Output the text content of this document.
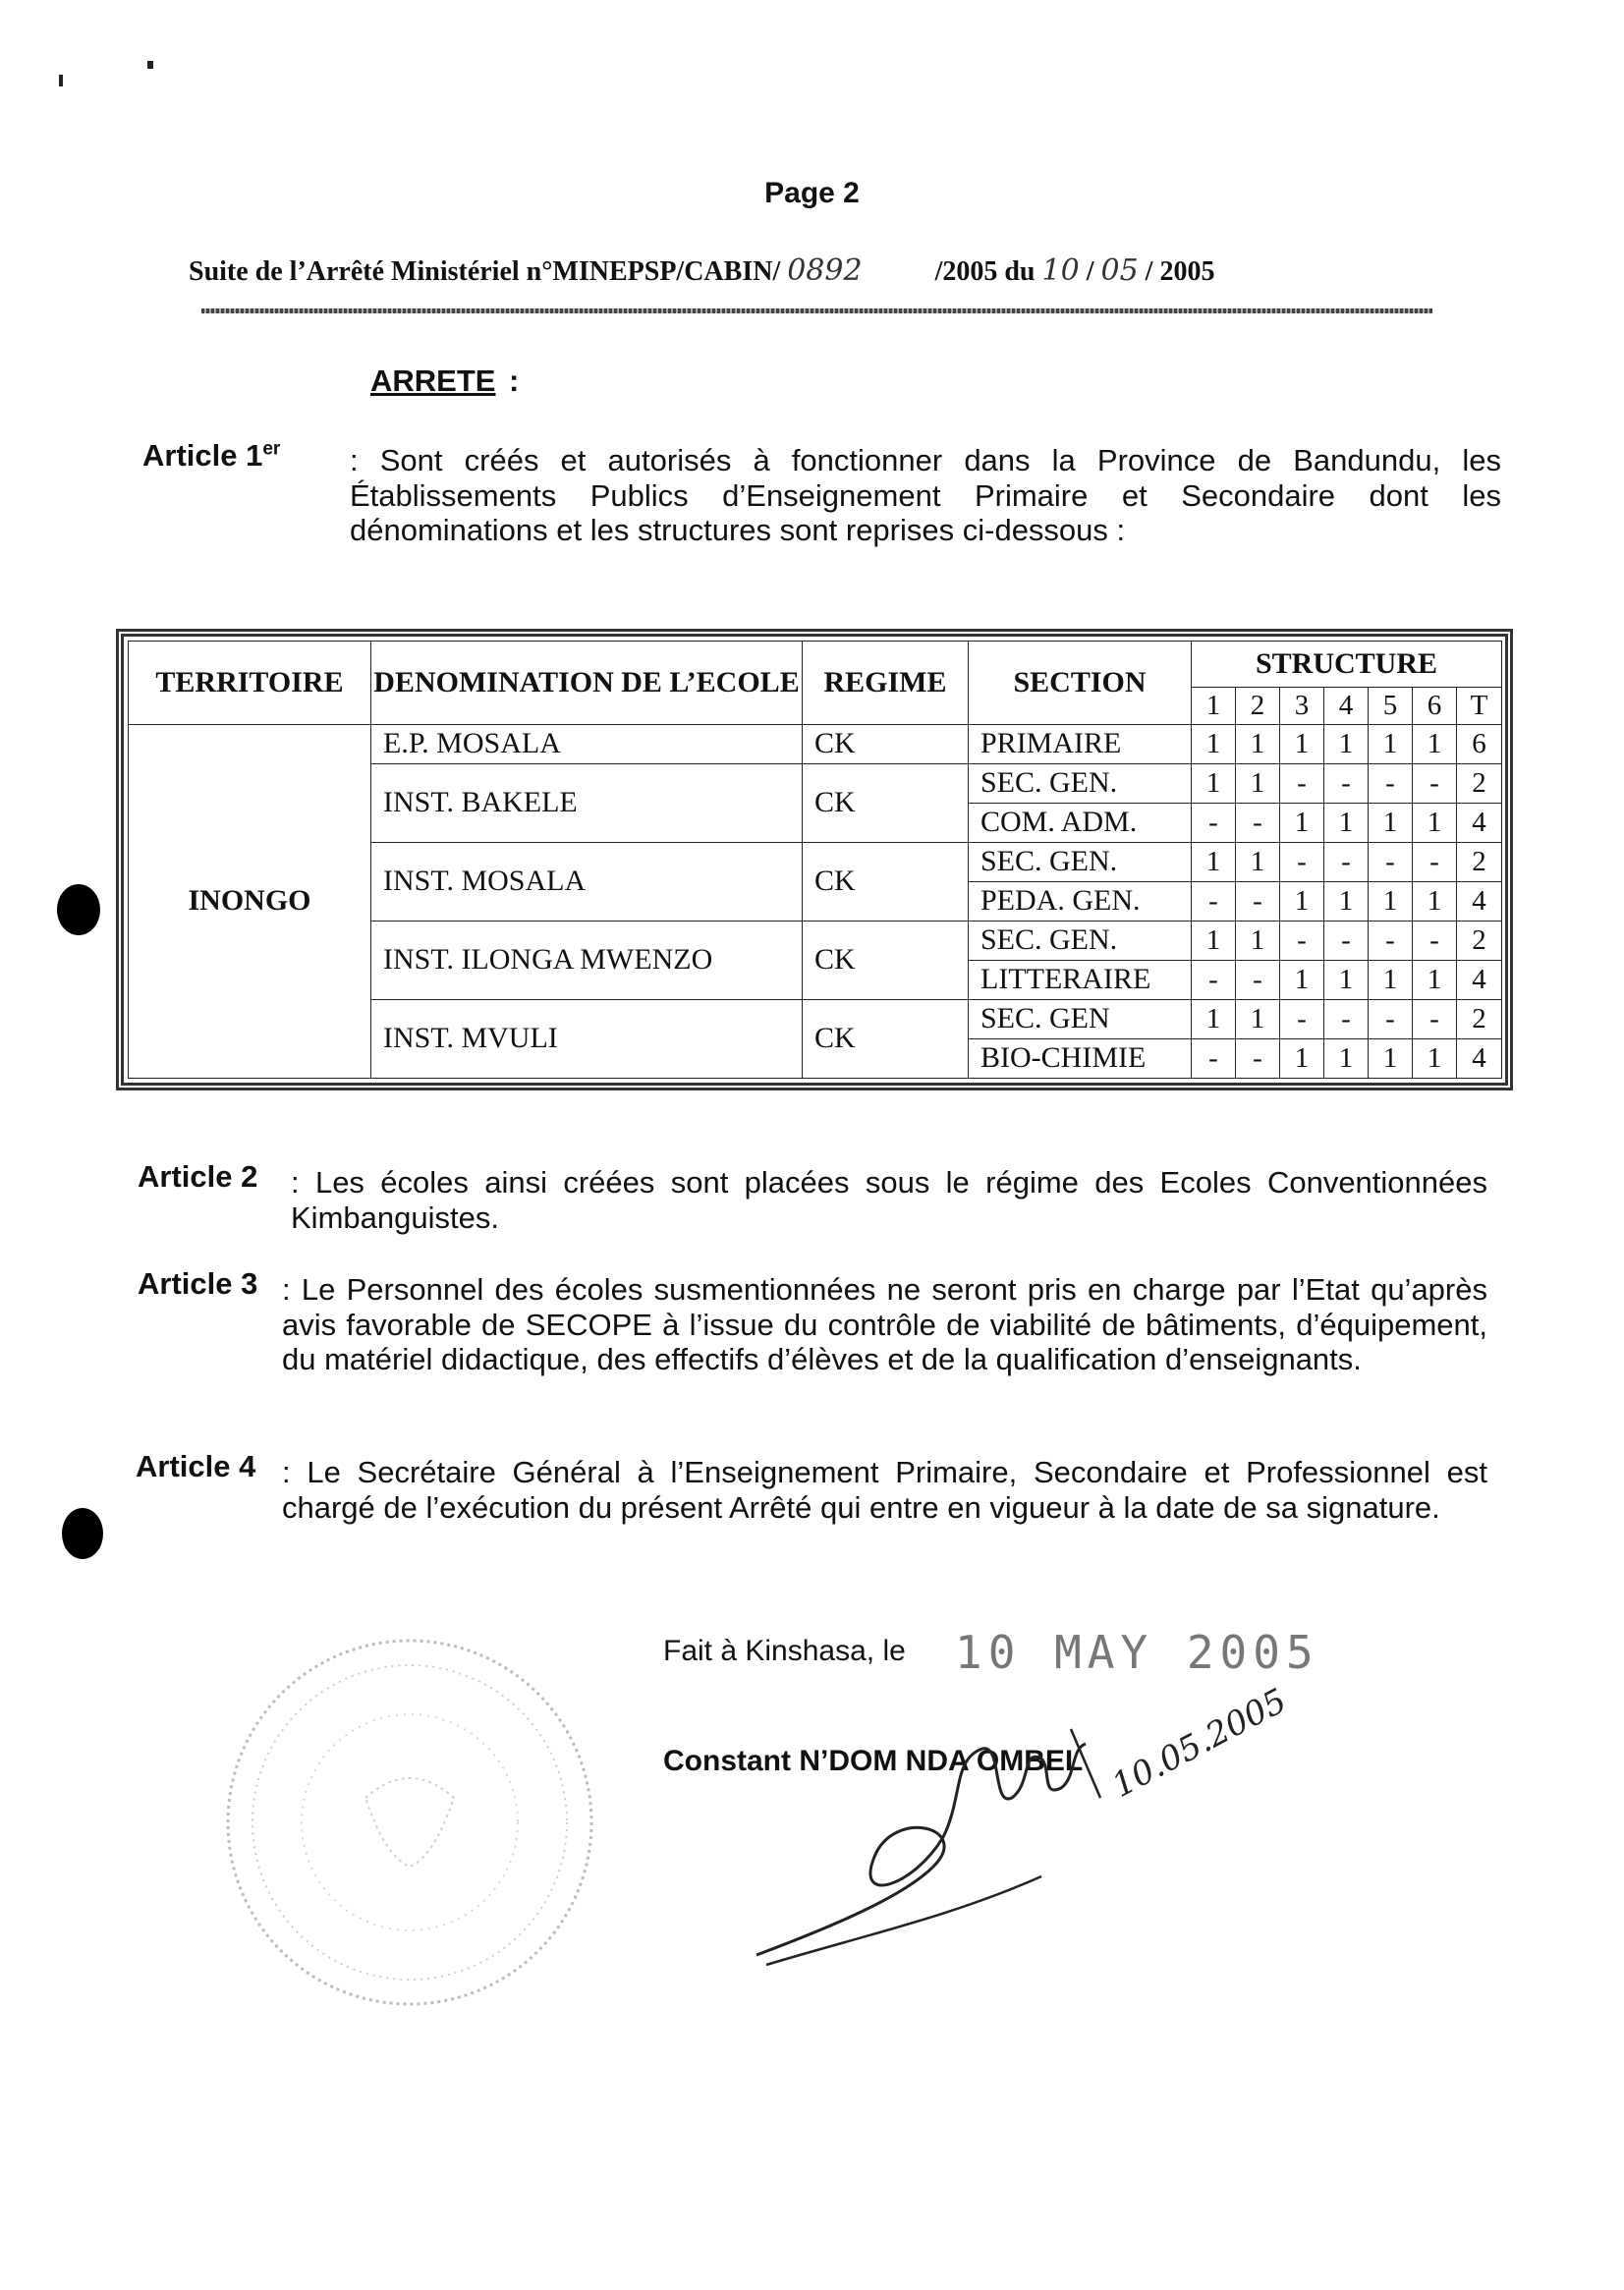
Page 2
Suite de l’Arrêté Ministériel n°MINEPSP/CABIN/ 0892	/2005 du 10 / 05 / 2005
ARRETE :
Article 1er : Sont créés et autorisés à fonctionner dans la Province de Bandundu, les Établissements Publics d’Enseignement Primaire et Secondaire dont les dénominations et les structures sont reprises ci-dessous :
TERRITOIRE	DENOMINATION DE L’ECOLE	REGIME	SECTION	STRUCTURE						
				1	2	3	4	5	6	T
INONGO	E.P. MOSALA	CK	PRIMAIRE	1	1	1	1	1	1	6
	INST. BAKELE	CK	SEC. GEN.	1	1	-	-	-	-	2
			COM. ADM.	-	-	1	1	1	1	4
	INST. MOSALA	CK	SEC. GEN.	1	1	-	-	-	-	2
			PEDA. GEN.	-	-	1	1	1	1	4
	INST. ILONGA MWENZO	CK	SEC. GEN.	1	1	-	-	-	-	2
			LITTERAIRE	-	-	1	1	1	1	4
	INST. MVULI	CK	SEC. GEN	1	1	-	-	-	-	2
			BIO-CHIMIE	-	-	1	1	1	1	4
Article 2 : Les écoles ainsi créées sont placées sous le régime des Ecoles Conventionnées Kimbanguistes.
Article 3 : Le Personnel des écoles susmentionnées ne seront pris en charge par l’Etat qu’après avis favorable de SECOPE à l’issue du contrôle de viabilité de bâtiments, d’équipement, du matériel didactique, des effectifs d’élèves et de la qualification d’enseignants.
Article 4 : Le Secrétaire Général à l’Enseignement Primaire, Secondaire et Professionnel est chargé de l’exécution du présent Arrêté qui entre en vigueur à la date de sa signature.
Fait à Kinshasa, le 10 MAY 2005
Constant N’DOM NDA OMBEL 10.05.2005
